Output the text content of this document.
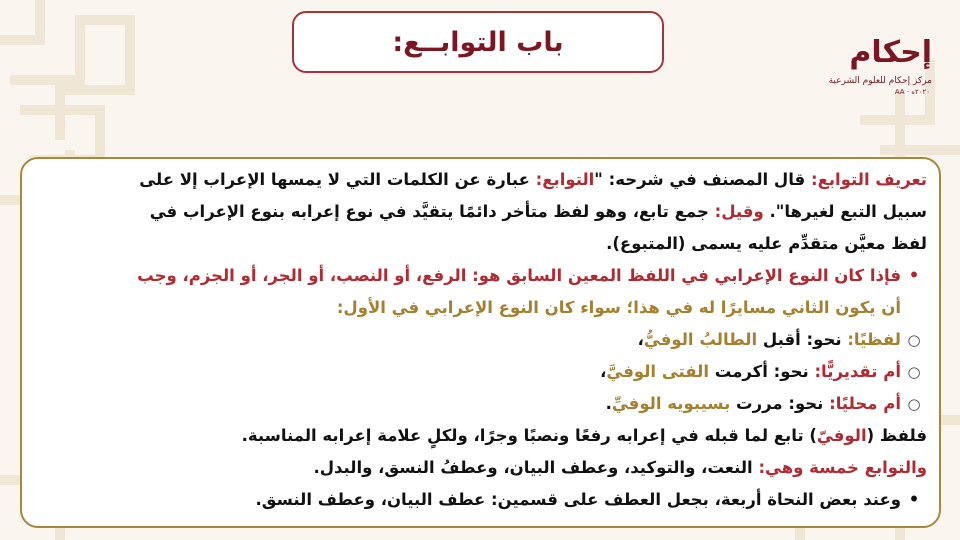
باب التوابــع:	إحكام
مركز إحكام للعلوم الشرعية
AA · ٢٠٢٠ه
تعريف التوابع: قال المصنف في شرحه: "التوابع: عبارة عن الكلمات التي لا يمسها الإعراب إلا على
سبيل التبع لغيرها". وقيل: جمع تابع، وهو لفظ متأخر دائمًا يتقيَّد في نوع إعرابه بنوع الإعراب في
لفظ معيَّن متقدِّم عليه يسمى (المتبوع).
•فإذا كان النوع الإعرابي في اللفظ المعين السابق هو: الرفع، أو النصب، أو الجر، أو الجزم، وجب
أن يكون الثاني مسايرًا له في هذا؛ سواء كان النوع الإعرابي في الأول:
○لفظيًا: نحو: أقبل الطالبُ الوفيُّ،
○أم تقديريًّا: نحو: أكرمت الفتى الوفيَّ،
○أم محليًا: نحو: مررت بسيبويه الوفيِّ.
فلفظ (الوفيّ) تابع لما قبله في إعرابه رفعًا ونصبًا وجرًا، ولكلٍ علامة إعرابه المناسبة.
والتوابع خمسة وهي: النعت، والتوكيد، وعطف البيان، وعطفُ النسق، والبدل.
•وعند بعض النحاة أربعة، بجعل العطف على قسمين: عطف البيان، وعطف النسق.
